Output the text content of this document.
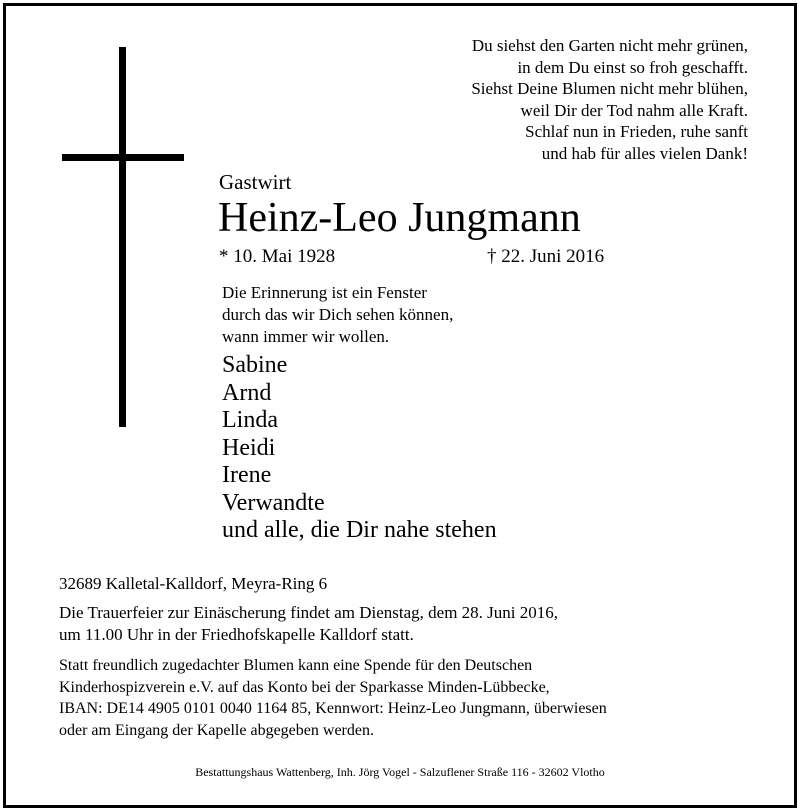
Du siehst den Garten nicht mehr grünen,
in dem Du einst so froh geschafft.
Siehst Deine Blumen nicht mehr blühen,
weil Dir der Tod nahm alle Kraft.
Schlaf nun in Frieden, ruhe sanft
und hab für alles vielen Dank!
Gastwirt
Heinz-Leo Jungmann
* 10. Mai 1928	† 22. Juni 2016
Die Erinnerung ist ein Fenster
durch das wir Dich sehen können,
wann immer wir wollen.
Sabine
Arnd
Linda
Heidi
Irene
Verwandte
und alle, die Dir nahe stehen
32689 Kalletal-Kalldorf, Meyra-Ring 6
Die Trauerfeier zur Einäscherung findet am Dienstag, dem 28. Juni 2016,
um 11.00 Uhr in der Friedhofskapelle Kalldorf statt.
Statt freundlich zugedachter Blumen kann eine Spende für den Deutschen
Kinderhospizverein e.V. auf das Konto bei der Sparkasse Minden-Lübbecke,
IBAN: DE14 4905 0101 0040 1164 85, Kennwort: Heinz-Leo Jungmann, überwiesen
oder am Eingang der Kapelle abgegeben werden.
Bestattungshaus Wattenberg, Inh. Jörg Vogel - Salzuflener Straße 116 - 32602 Vlotho
